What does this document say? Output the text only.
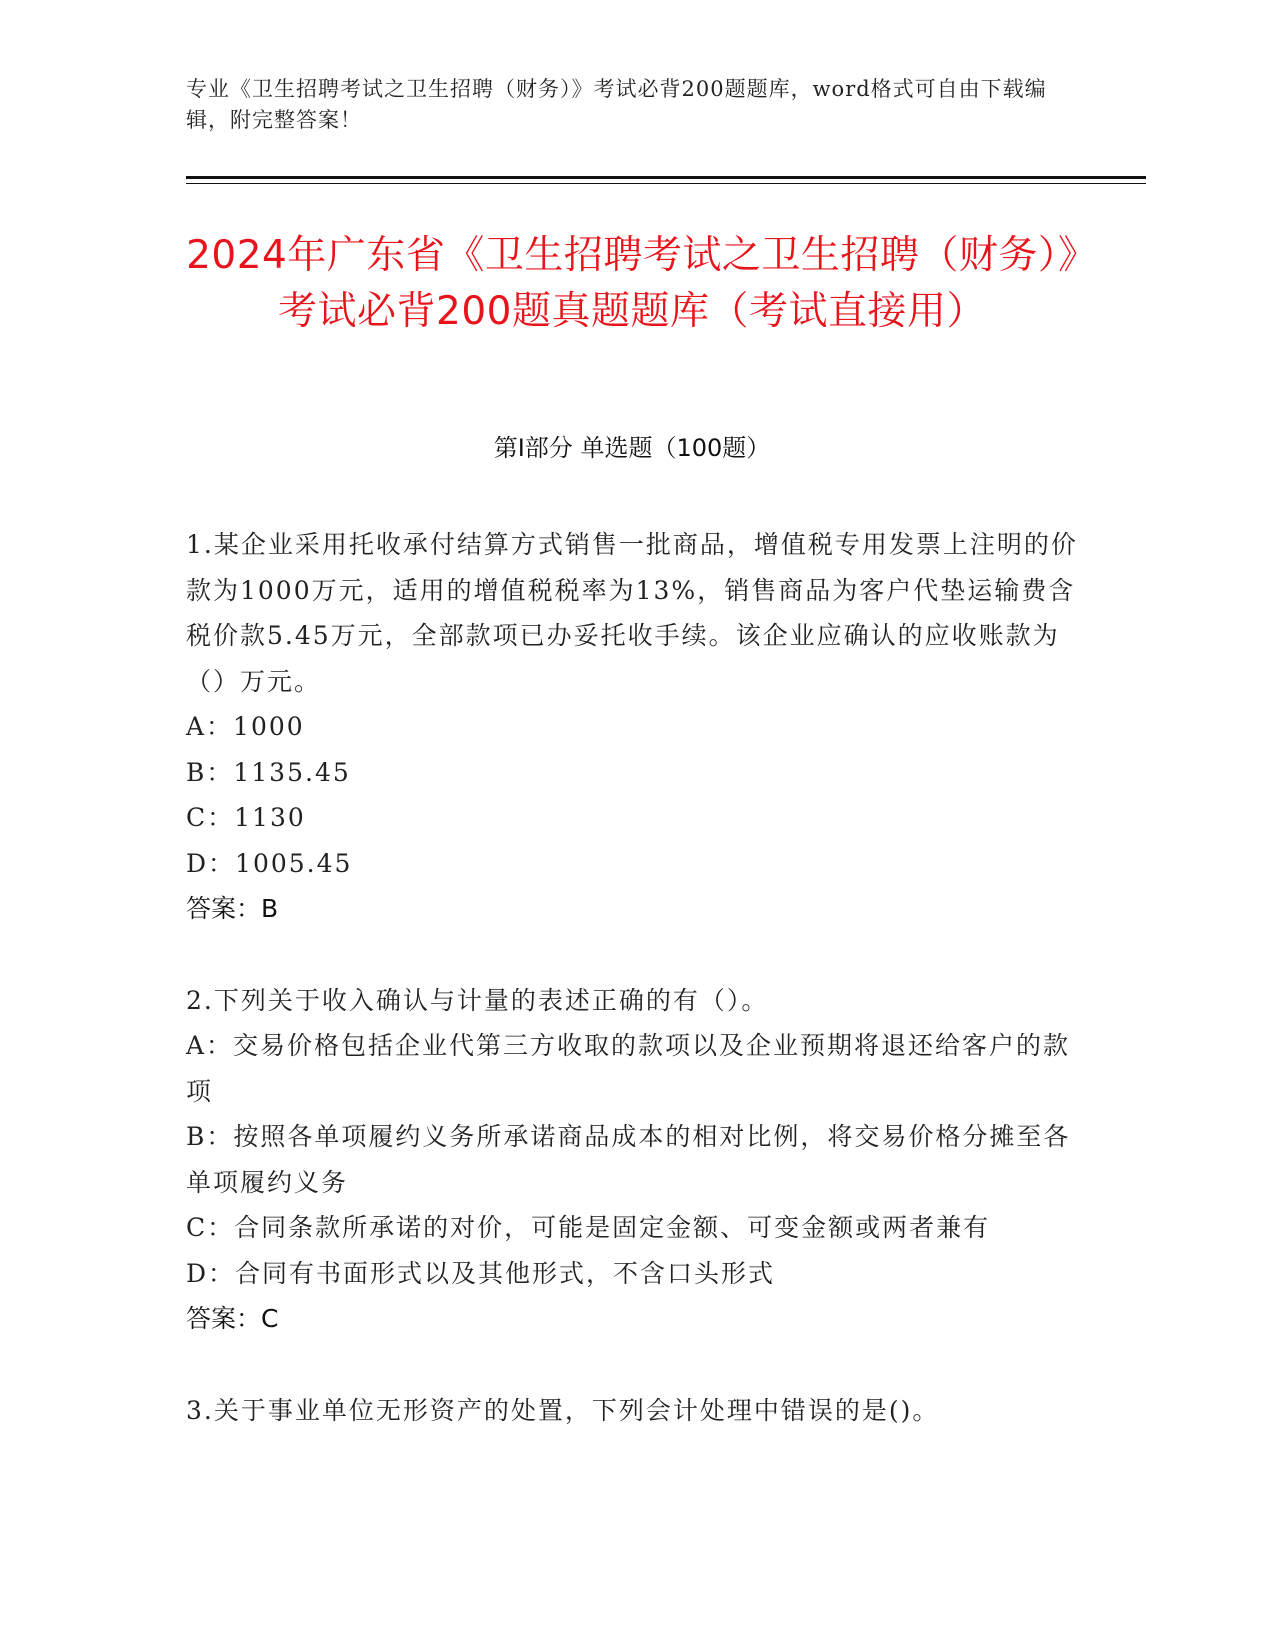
专业《卫生招聘考试之卫生招聘（财务）》考试必背200题题库，word格式可自由下载编辑，附完整答案！
2024年广东省《卫生招聘考试之卫生招聘（财务）》考试必背200题真题题库（考试直接用）
第I部分 单选题（100题）
1.某企业采用托收承付结算方式销售一批商品，增值税专用发票上注明的价款为1000万元，适用的增值税税率为13%，销售商品为客户代垫运输费含税价款5.45万元，全部款项已办妥托收手续。该企业应确认的应收账款为（）万元。
A：1000
B：1135.45
C：1130
D：1005.45
答案：B
2.下列关于收入确认与计量的表述正确的有（）。
A：交易价格包括企业代第三方收取的款项以及企业预期将退还给客户的款项
B：按照各单项履约义务所承诺商品成本的相对比例，将交易价格分摊至各单项履约义务
C：合同条款所承诺的对价，可能是固定金额、可变金额或两者兼有
D：合同有书面形式以及其他形式，不含口头形式
答案：C
3.关于事业单位无形资产的处置，下列会计处理中错误的是()。
